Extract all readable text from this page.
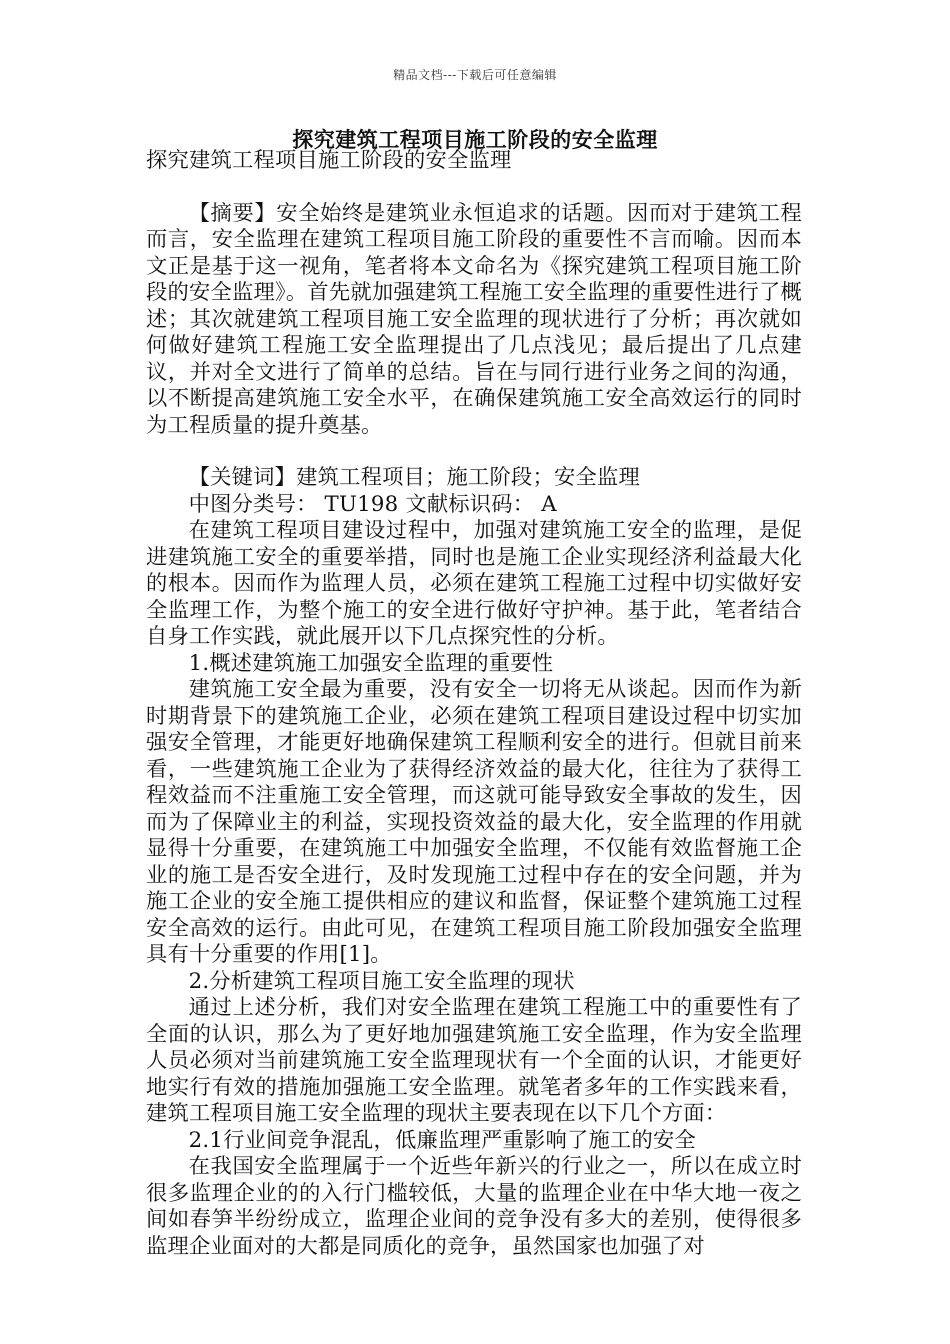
精品文档---下载后可任意编辑
探究建筑工程项目施工阶段的安全监理

探究建筑工程项目施工阶段的安全监理

【摘要】安全始终是建筑业永恒追求的话题。因而对于建筑工程而言，安全监理在建筑工程项目施工阶段的重要性不言而喻。因而本文正是基于这一视角，笔者将本文命名为《探究建筑工程项目施工阶段的安全监理》。首先就加强建筑工程施工安全监理的重要性进行了概述；其次就建筑工程项目施工安全监理的现状进行了分析；再次就如何做好建筑工程施工安全监理提出了几点浅见；最后提出了几点建议，并对全文进行了简单的总结。旨在与同行进行业务之间的沟通，以不断提高建筑施工安全水平，在确保建筑施工安全高效运行的同时为工程质量的提升奠基。

【关键词】建筑工程项目；施工阶段；安全监理

中图分类号： TU198 文献标识码： A

在建筑工程项目建设过程中，加强对建筑施工安全的监理，是促进建筑施工安全的重要举措，同时也是施工企业实现经济利益最大化的根本。因而作为监理人员，必须在建筑工程施工过程中切实做好安全监理工作，为整个施工的安全进行做好守护神。基于此，笔者结合自身工作实践，就此展开以下几点探究性的分析。

1.概述建筑施工加强安全监理的重要性

建筑施工安全最为重要，没有安全一切将无从谈起。因而作为新时期背景下的建筑施工企业，必须在建筑工程项目建设过程中切实加强安全管理，才能更好地确保建筑工程顺利安全的进行。但就目前来看，一些建筑施工企业为了获得经济效益的最大化，往往为了获得工程效益而不注重施工安全管理，而这就可能导致安全事故的发生，因而为了保障业主的利益，实现投资效益的最大化，安全监理的作用就显得十分重要，在建筑施工中加强安全监理，不仅能有效监督施工企业的施工是否安全进行，及时发现施工过程中存在的安全问题，并为施工企业的安全施工提供相应的建议和监督，保证整个建筑施工过程安全高效的运行。由此可见，在建筑工程项目施工阶段加强安全监理具有十分重要的作用[1]。

2.分析建筑工程项目施工安全监理的现状

通过上述分析，我们对安全监理在建筑工程施工中的重要性有了全面的认识，那么为了更好地加强建筑施工安全监理，作为安全监理人员必须对当前建筑施工安全监理现状有一个全面的认识，才能更好地实行有效的措施加强施工安全监理。就笔者多年的工作实践来看，建筑工程项目施工安全监理的现状主要表现在以下几个方面：

2.1行业间竞争混乱，低廉监理严重影响了施工的安全

在我国安全监理属于一个近些年新兴的行业之一，所以在成立时很多监理企业的的入行门槛较低，大量的监理企业在中华大地一夜之间如春笋半纷纷成立，监理企业间的竞争没有多大的差别，使得很多监理企业面对的大都是同质化的竞争，虽然国家也加强了对
